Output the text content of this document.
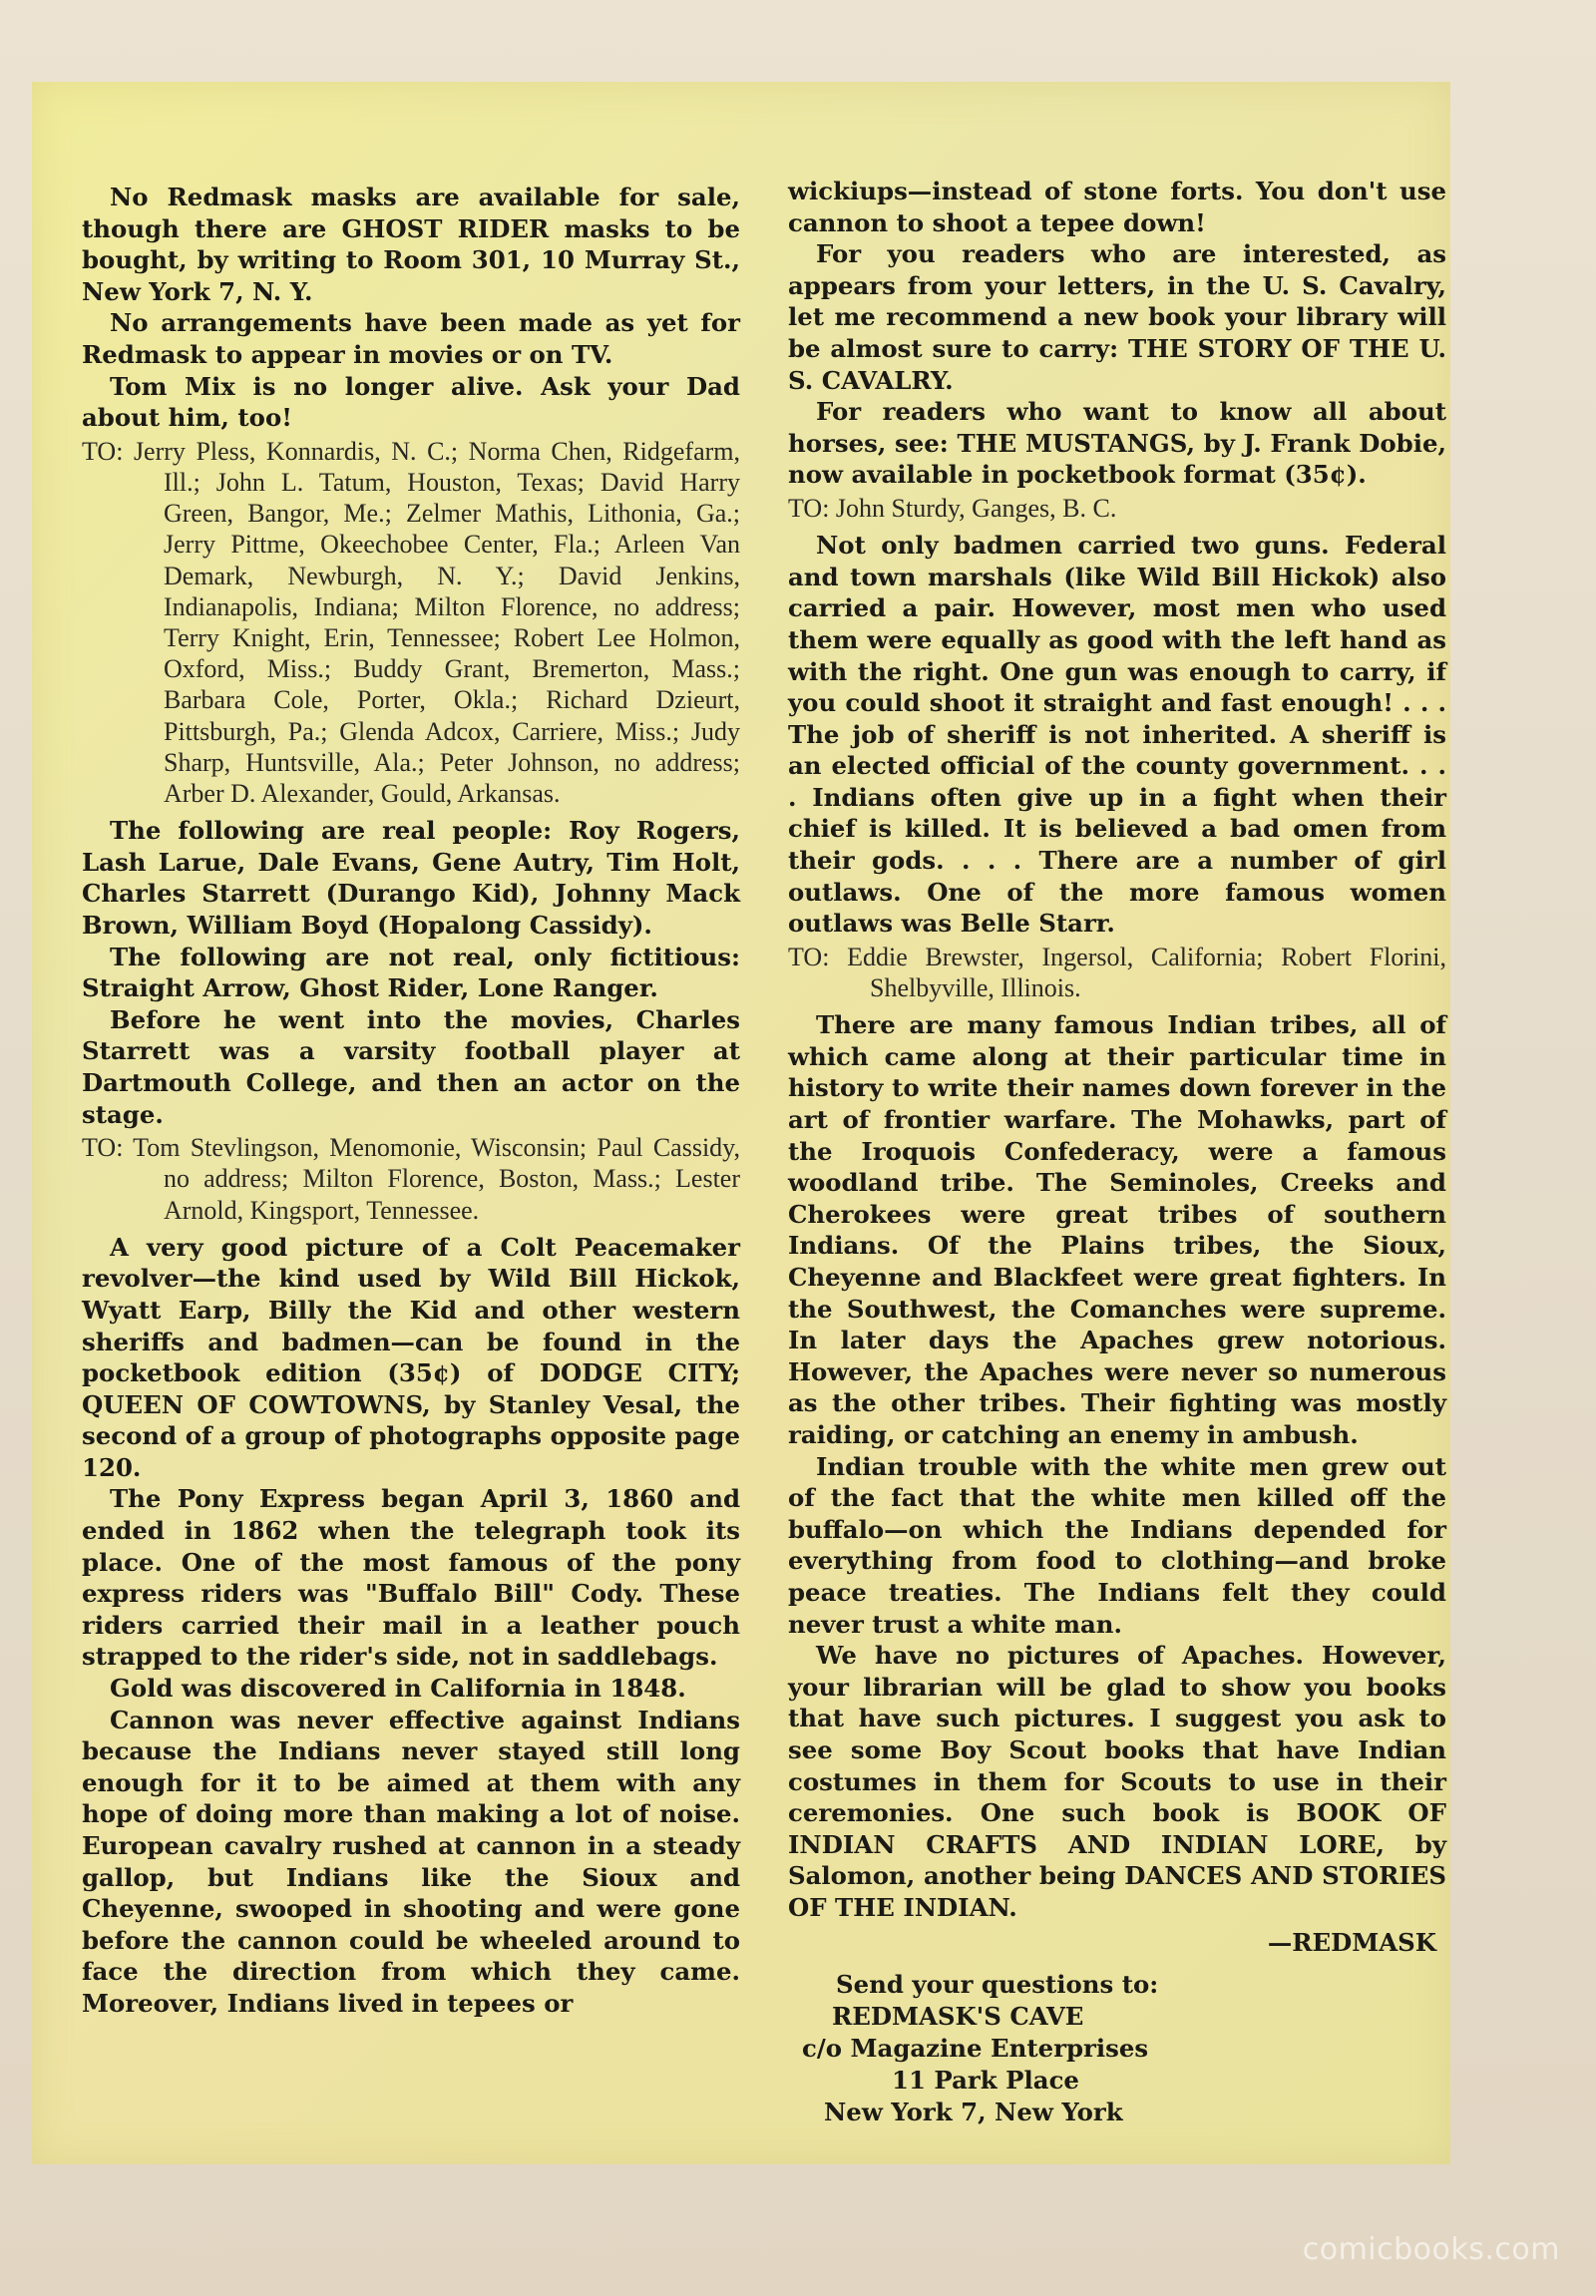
No Redmask masks are available for sale, though there are GHOST RIDER masks to be bought, by writing to Room 301, 10 Murray St., New York 7, N. Y.

No arrangements have been made as yet for Redmask to appear in movies or on TV.

Tom Mix is no longer alive. Ask your Dad about him, too!

TO: Jerry Pless, Konnardis, N. C.; Norma Chen, Ridgefarm, Ill.; John L. Tatum, Houston, Texas; David Harry Green, Bangor, Me.; Zelmer Mathis, Lithonia, Ga.; Jerry Pittme, Okeechobee Center, Fla.; Arleen Van Demark, Newburgh, N. Y.; David Jenkins, Indianapolis, Indiana; Milton Florence, no address; Terry Knight, Erin, Tennessee; Robert Lee Holmon, Oxford, Miss.; Buddy Grant, Bremerton, Mass.; Barbara Cole, Porter, Okla.; Richard Dzieurt, Pittsburgh, Pa.; Glenda Adcox, Carriere, Miss.; Judy Sharp, Huntsville, Ala.; Peter Johnson, no address; Arber D. Alexander, Gould, Arkansas.

The following are real people: Roy Rogers, Lash Larue, Dale Evans, Gene Autry, Tim Holt, Charles Starrett (Durango Kid), Johnny Mack Brown, William Boyd (Hopalong Cassidy).

The following are not real, only fictitious: Straight Arrow, Ghost Rider, Lone Ranger.

Before he went into the movies, Charles Starrett was a varsity football player at Dartmouth College, and then an actor on the stage.

TO: Tom Stevlingson, Menomonie, Wisconsin; Paul Cassidy, no address; Milton Florence, Boston, Mass.; Lester Arnold, Kingsport, Tennessee.

A very good picture of a Colt Peacemaker revolver—the kind used by Wild Bill Hickok, Wyatt Earp, Billy the Kid and other western sheriffs and badmen—can be found in the pocketbook edition (35¢) of DODGE CITY; QUEEN OF COWTOWNS, by Stanley Vesal, the second of a group of photographs opposite page 120.

The Pony Express began April 3, 1860 and ended in 1862 when the telegraph took its place. One of the most famous of the pony express riders was "Buffalo Bill" Cody. These riders carried their mail in a leather pouch strapped to the rider's side, not in saddlebags.

Gold was discovered in California in 1848.

Cannon was never effective against Indians because the Indians never stayed still long enough for it to be aimed at them with any hope of doing more than making a lot of noise. European cavalry rushed at cannon in a steady gallop, but Indians like the Sioux and Cheyenne, swooped in shooting and were gone before the cannon could be wheeled around to face the direction from which they came. Moreover, Indians lived in tepees or

wickiups—instead of stone forts. You don't use cannon to shoot a tepee down!

For you readers who are interested, as appears from your letters, in the U. S. Cavalry, let me recommend a new book your library will be almost sure to carry: THE STORY OF THE U. S. CAVALRY.

For readers who want to know all about horses, see: THE MUSTANGS, by J. Frank Dobie, now available in pocketbook format (35¢).

TO: John Sturdy, Ganges, B. C.

Not only badmen carried two guns. Federal and town marshals (like Wild Bill Hickok) also carried a pair. However, most men who used them were equally as good with the left hand as with the right. One gun was enough to carry, if you could shoot it straight and fast enough! . . . The job of sheriff is not inherited. A sheriff is an elected official of the county government. . . . Indians often give up in a fight when their chief is killed. It is believed a bad omen from their gods. . . . There are a number of girl outlaws. One of the more famous women outlaws was Belle Starr.

TO: Eddie Brewster, Ingersol, California; Robert Florini, Shelbyville, Illinois.

There are many famous Indian tribes, all of which came along at their particular time in history to write their names down forever in the art of frontier warfare. The Mohawks, part of the Iroquois Confederacy, were a famous woodland tribe. The Seminoles, Creeks and Cherokees were great tribes of southern Indians. Of the Plains tribes, the Sioux, Cheyenne and Blackfeet were great fighters. In the Southwest, the Comanches were supreme. In later days the Apaches grew notorious. However, the Apaches were never so numerous as the other tribes. Their fighting was mostly raiding, or catching an enemy in ambush.

Indian trouble with the white men grew out of the fact that the white men killed off the buffalo—on which the Indians depended for everything from food to clothing—and broke peace treaties. The Indians felt they could never trust a white man.

We have no pictures of Apaches. However, your librarian will be glad to show you books that have such pictures. I suggest you ask to see some Boy Scout books that have Indian costumes in them for Scouts to use in their ceremonies. One such book is BOOK OF INDIAN CRAFTS AND INDIAN LORE, by Salomon, another being DANCES AND STORIES OF THE INDIAN.

—REDMASK
Send your questions to:
REDMASK'S CAVE
c/o Magazine Enterprises
11 Park Place
New York 7, New York
comicbooks.com
